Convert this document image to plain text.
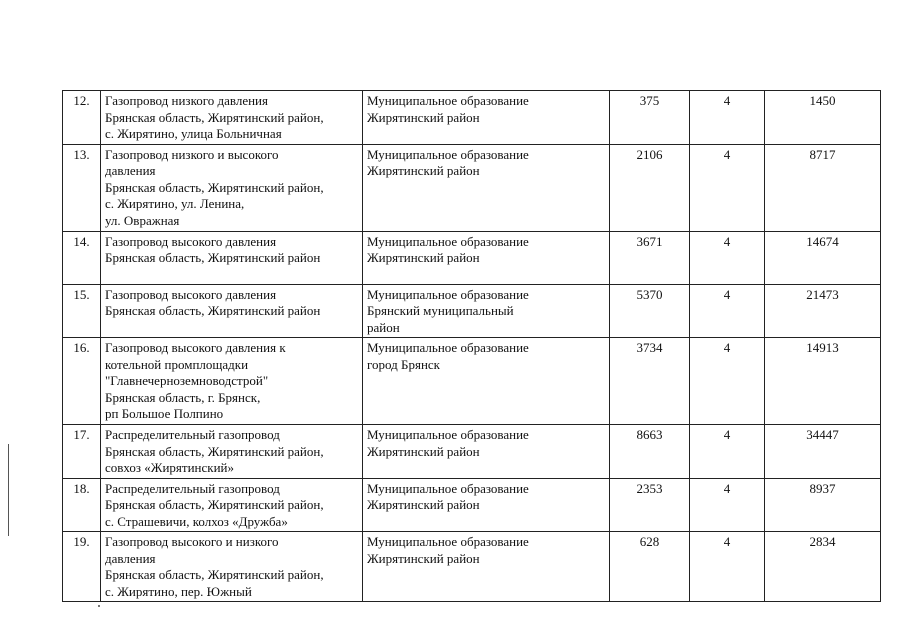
12.	Газопровод низкого давления
Брянская область, Жирятинский район,
с. Жирятино, улица Больничная	Муниципальное образование
Жирятинский район	375	4	1450
13.	Газопровод низкого и высокого
давления
Брянская область, Жирятинский район,
с. Жирятино, ул. Ленина,
ул. Овражная	Муниципальное образование
Жирятинский район	2106	4	8717
14.	Газопровод высокого давления
Брянская область, Жирятинский район	Муниципальное образование
Жирятинский район	3671	4	14674
15.	Газопровод высокого давления
Брянская область, Жирятинский район	Муниципальное образование
Брянский муниципальный
район	5370	4	21473
16.	Газопровод высокого давления к
котельной промплощадки
"Главнечерноземноводстрой"
Брянская область, г. Брянск,
рп Большое Полпино	Муниципальное образование
город Брянск	3734	4	14913
17.	Распределительный газопровод
Брянская область, Жирятинский район,
совхоз «Жирятинский»	Муниципальное образование
Жирятинский район	8663	4	34447
18.	Распределительный газопровод
Брянская область, Жирятинский район,
с. Страшевичи, колхоз «Дружба»	Муниципальное образование
Жирятинский район	2353	4	8937
19.	Газопровод высокого и низкого
давления
Брянская область, Жирятинский район,
с. Жирятино, пер. Южный	Муниципальное образование
Жирятинский район	628	4	2834
